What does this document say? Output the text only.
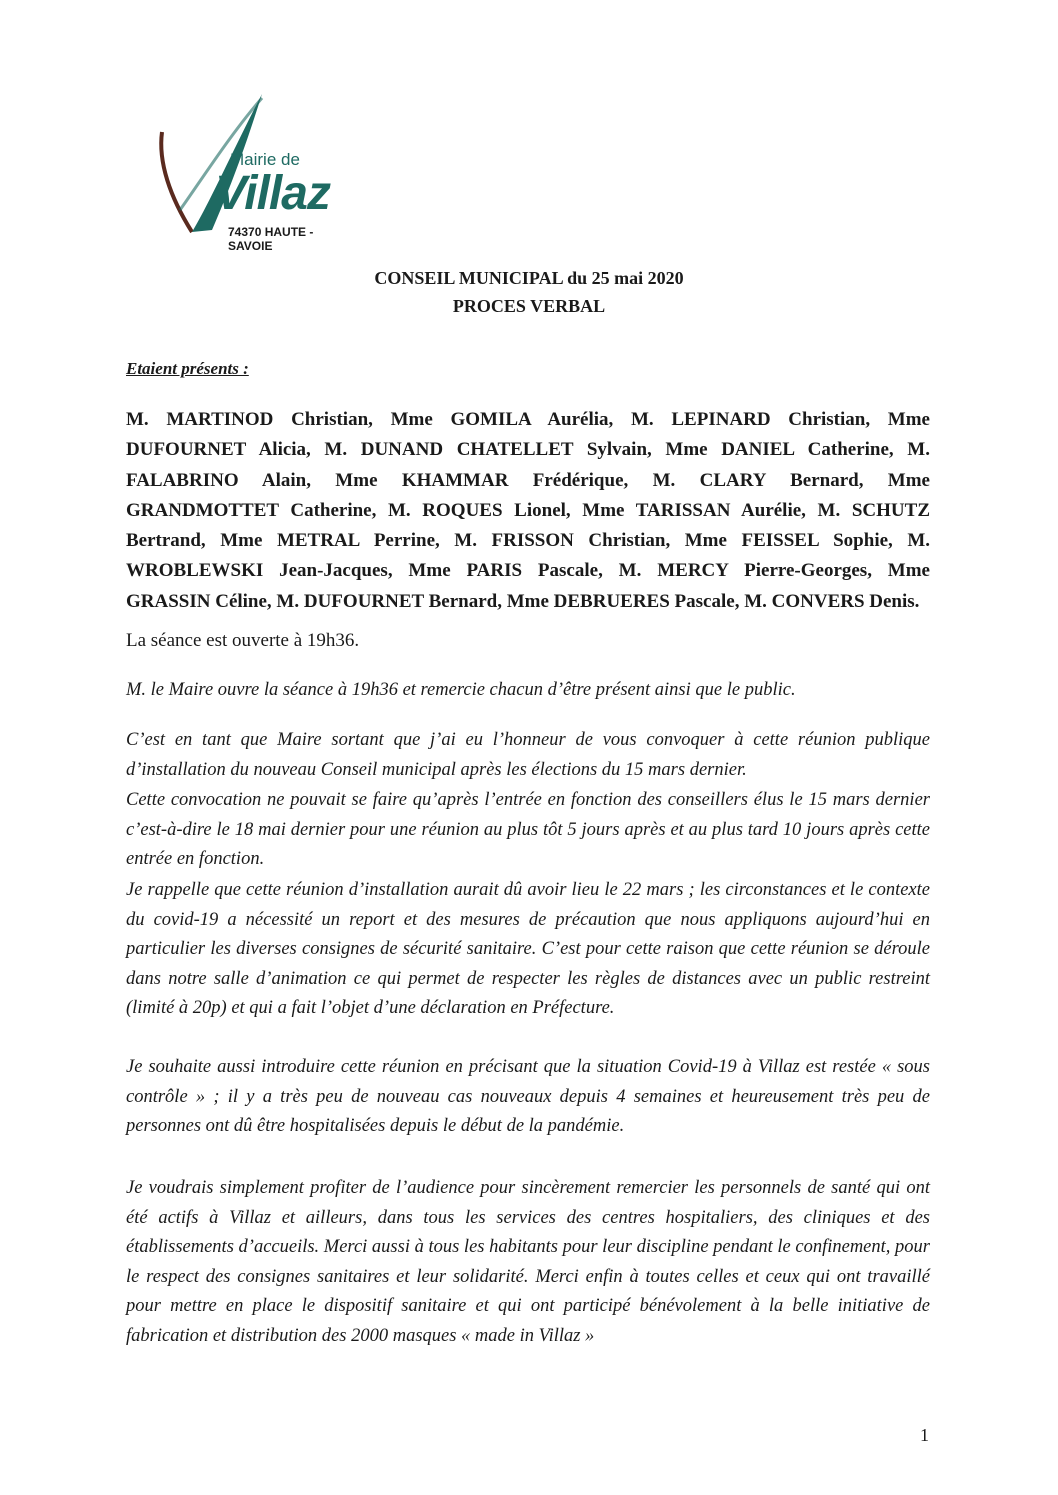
Mairie de
Villaz
74370 HAUTE - SAVOIE
CONSEIL MUNICIPAL du 25 mai 2020
PROCES VERBAL
Etaient présents :
M. MARTINOD Christian, Mme GOMILA Aurélia, M. LEPINARD Christian, Mme DUFOURNET Alicia, M. DUNAND CHATELLET Sylvain, Mme DANIEL Catherine, M. FALABRINO Alain, Mme KHAMMAR Frédérique, M. CLARY Bernard, Mme GRANDMOTTET Catherine, M. ROQUES Lionel, Mme TARISSAN Aurélie, M. SCHUTZ Bertrand, Mme METRAL Perrine, M. FRISSON Christian, Mme FEISSEL Sophie, M. WROBLEWSKI Jean-Jacques, Mme PARIS Pascale, M. MERCY Pierre-Georges, Mme GRASSIN Céline, M. DUFOURNET Bernard, Mme DEBRUERES Pascale, M. CONVERS Denis.
La séance est ouverte à 19h36.
M. le Maire ouvre la séance à 19h36 et remercie chacun d’être présent ainsi que le public.
C’est en tant que Maire sortant que j’ai eu l’honneur de vous convoquer à cette réunion publique d’installation du nouveau Conseil municipal après les élections du 15 mars dernier.
Cette convocation ne pouvait se faire qu’après l’entrée en fonction des conseillers élus le 15 mars dernier c’est-à-dire le 18 mai dernier pour une réunion au plus tôt 5 jours après et au plus tard 10 jours après cette entrée en fonction.
Je rappelle que cette réunion d’installation aurait dû avoir lieu le 22 mars ; les circonstances et le contexte du covid-19 a nécessité un report et des mesures de précaution que nous appliquons aujourd’hui en particulier les diverses consignes de sécurité sanitaire. C’est pour cette raison que cette réunion se déroule dans notre salle d’animation ce qui permet de respecter les règles de distances avec un public restreint (limité à 20p) et qui a fait l’objet d’une déclaration en Préfecture.
Je souhaite aussi introduire cette réunion en précisant que la situation Covid-19 à Villaz est restée « sous contrôle » ; il y a très peu de nouveau cas nouveaux depuis 4 semaines et heureusement très peu de personnes ont dû être hospitalisées depuis le début de la pandémie.
Je voudrais simplement profiter de l’audience pour sincèrement remercier les personnels de santé qui ont été actifs à Villaz et ailleurs, dans tous les services des centres hospitaliers, des cliniques et des établissements d’accueils. Merci aussi à tous les habitants pour leur discipline pendant le confinement, pour le respect des consignes sanitaires et leur solidarité. Merci enfin à toutes celles et ceux qui ont travaillé pour mettre en place le dispositif sanitaire et qui ont participé bénévolement à la belle initiative de fabrication et distribution des 2000 masques « made in Villaz »
1
